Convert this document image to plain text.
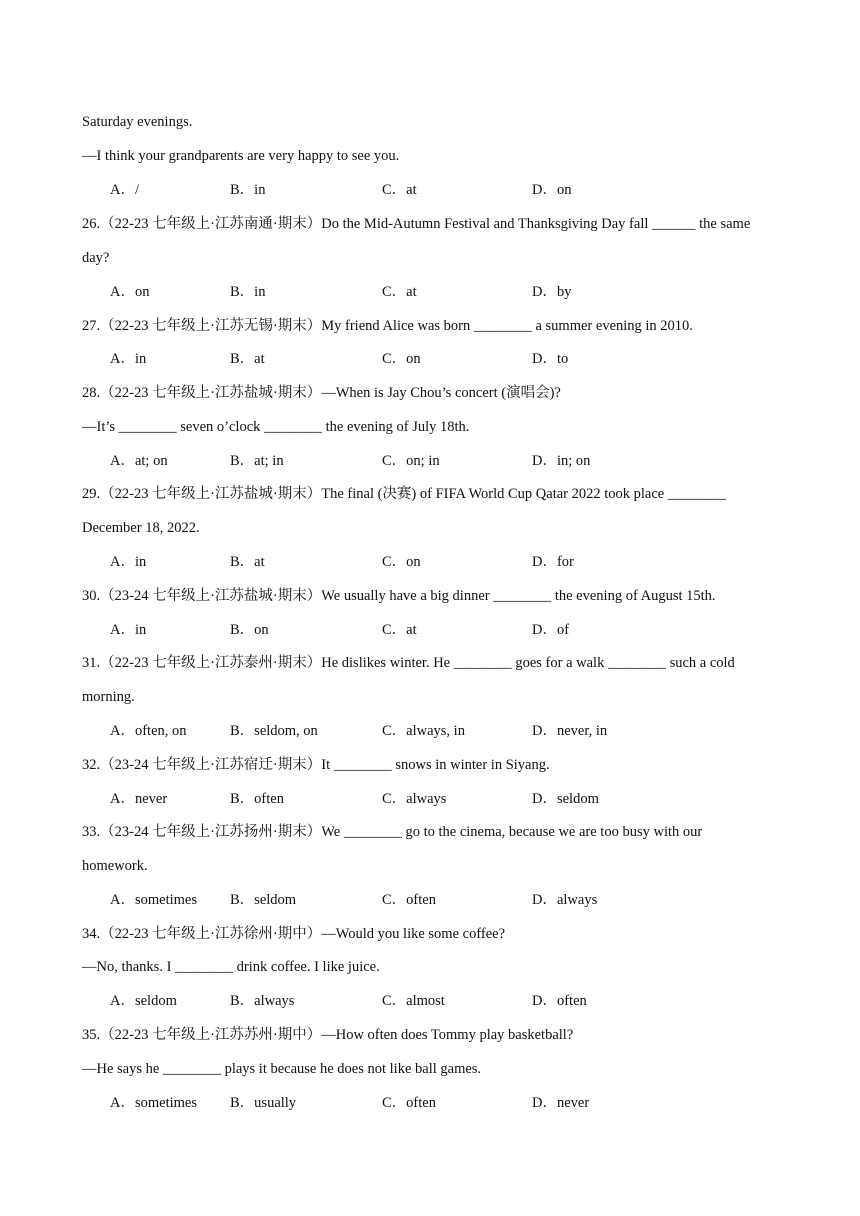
Saturday evenings.
—I think your grandparents are very happy to see you.
A．/	B．in	C．at	D．on
26.（22-23 七年级上·江苏南通·期末）Do the Mid-Autumn Festival and Thanksgiving Day fall ______ the same
day?
A．on	B．in	C．at	D．by
27.（22-23 七年级上·江苏无锡·期末）My friend Alice was born ________ a summer evening in 2010.
A．in	B．at	C．on	D．to
28.（22-23 七年级上·江苏盐城·期末）—When is Jay Chou’s concert (演唱会)?
—It’s ________ seven o’clock ________ the evening of July 18th.
A．at; on	B．at; in	C．on; in	D．in; on
29.（22-23 七年级上·江苏盐城·期末）The final (决赛) of FIFA World Cup Qatar 2022 took place ________
December 18, 2022.
A．in	B．at	C．on	D．for
30.（23-24 七年级上·江苏盐城·期末）We usually have a big dinner ________ the evening of August 15th.
A．in	B．on	C．at	D．of
31.（22-23 七年级上·江苏泰州·期末）He dislikes winter. He ________ goes for a walk ________ such a cold
morning.
A．often, on	B．seldom, on	C．always, in	D．never, in
32.（23-24 七年级上·江苏宿迁·期末）It ________ snows in winter in Siyang.
A．never	B．often	C．always	D．seldom
33.（23-24 七年级上·江苏扬州·期末）We ________ go to the cinema, because we are too busy with our
homework.
A．sometimes B．seldom	C．often	D．always
34.（22-23 七年级上·江苏徐州·期中）—Would you like some coffee?
—No, thanks. I ________ drink coffee. I like juice.
A．seldom	B．always	C．almost	D．often
35.（22-23 七年级上·江苏苏州·期中）—How often does Tommy play basketball?
—He says he ________ plays it because he does not like ball games.
A．sometimes B．usually	C．often	D．never
